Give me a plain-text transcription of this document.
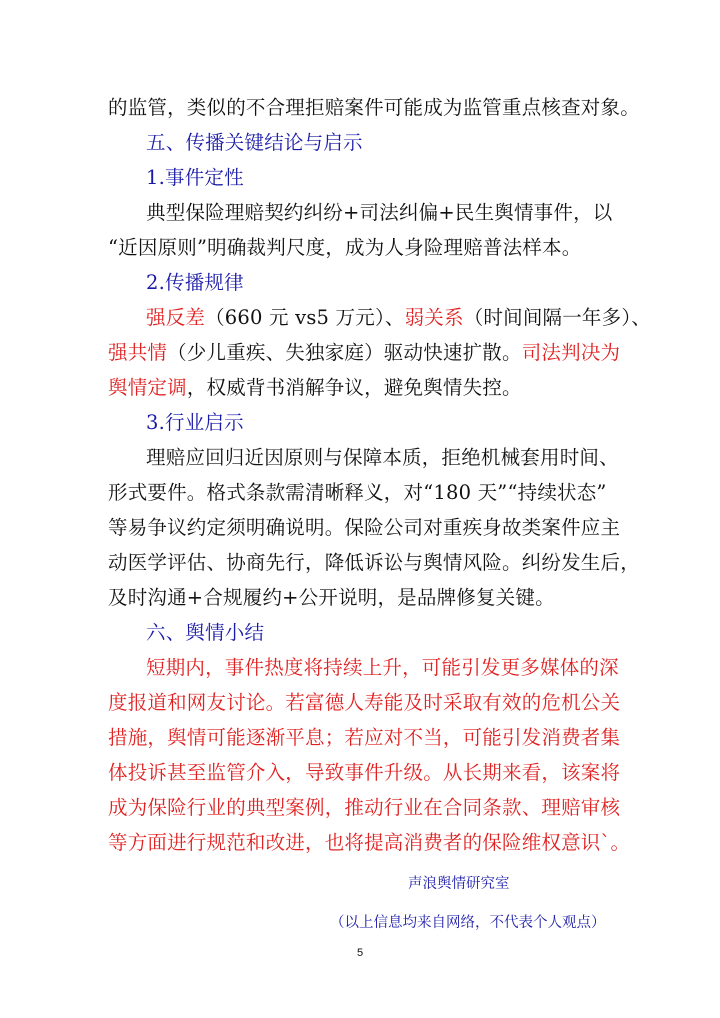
的监管，类似的不合理拒赔案件可能成为监管重点核查对象。
五、传播关键结论与启示
1.事件定性
典型保险理赔契约纠纷+司法纠偏+民生舆情事件，以
“近因原则”明确裁判尺度，成为人身险理赔普法样本。
2.传播规律
强反差（660 元 vs5 万元）、弱关系（时间间隔一年多）、
强共情（少儿重疾、失独家庭）驱动快速扩散。司法判决为
舆情定调，权威背书消解争议，避免舆情失控。
3.行业启示
理赔应回归近因原则与保障本质，拒绝机械套用时间、
形式要件。格式条款需清晰释义，对“180 天”“持续状态”
等易争议约定须明确说明。保险公司对重疾身故类案件应主
动医学评估、协商先行，降低诉讼与舆情风险。纠纷发生后，
及时沟通+合规履约+公开说明，是品牌修复关键。
六、舆情小结
短期内，事件热度将持续上升，可能引发更多媒体的深
度报道和网友讨论。若富德人寿能及时采取有效的危机公关
措施，舆情可能逐渐平息；若应对不当，可能引发消费者集
体投诉甚至监管介入，导致事件升级。从长期来看，该案将
成为保险行业的典型案例，推动行业在合同条款、理赔审核
等方面进行规范和改进，也将提高消费者的保险维权意识`。
声浪舆情研究室
（以上信息均来自网络，不代表个人观点）
5
